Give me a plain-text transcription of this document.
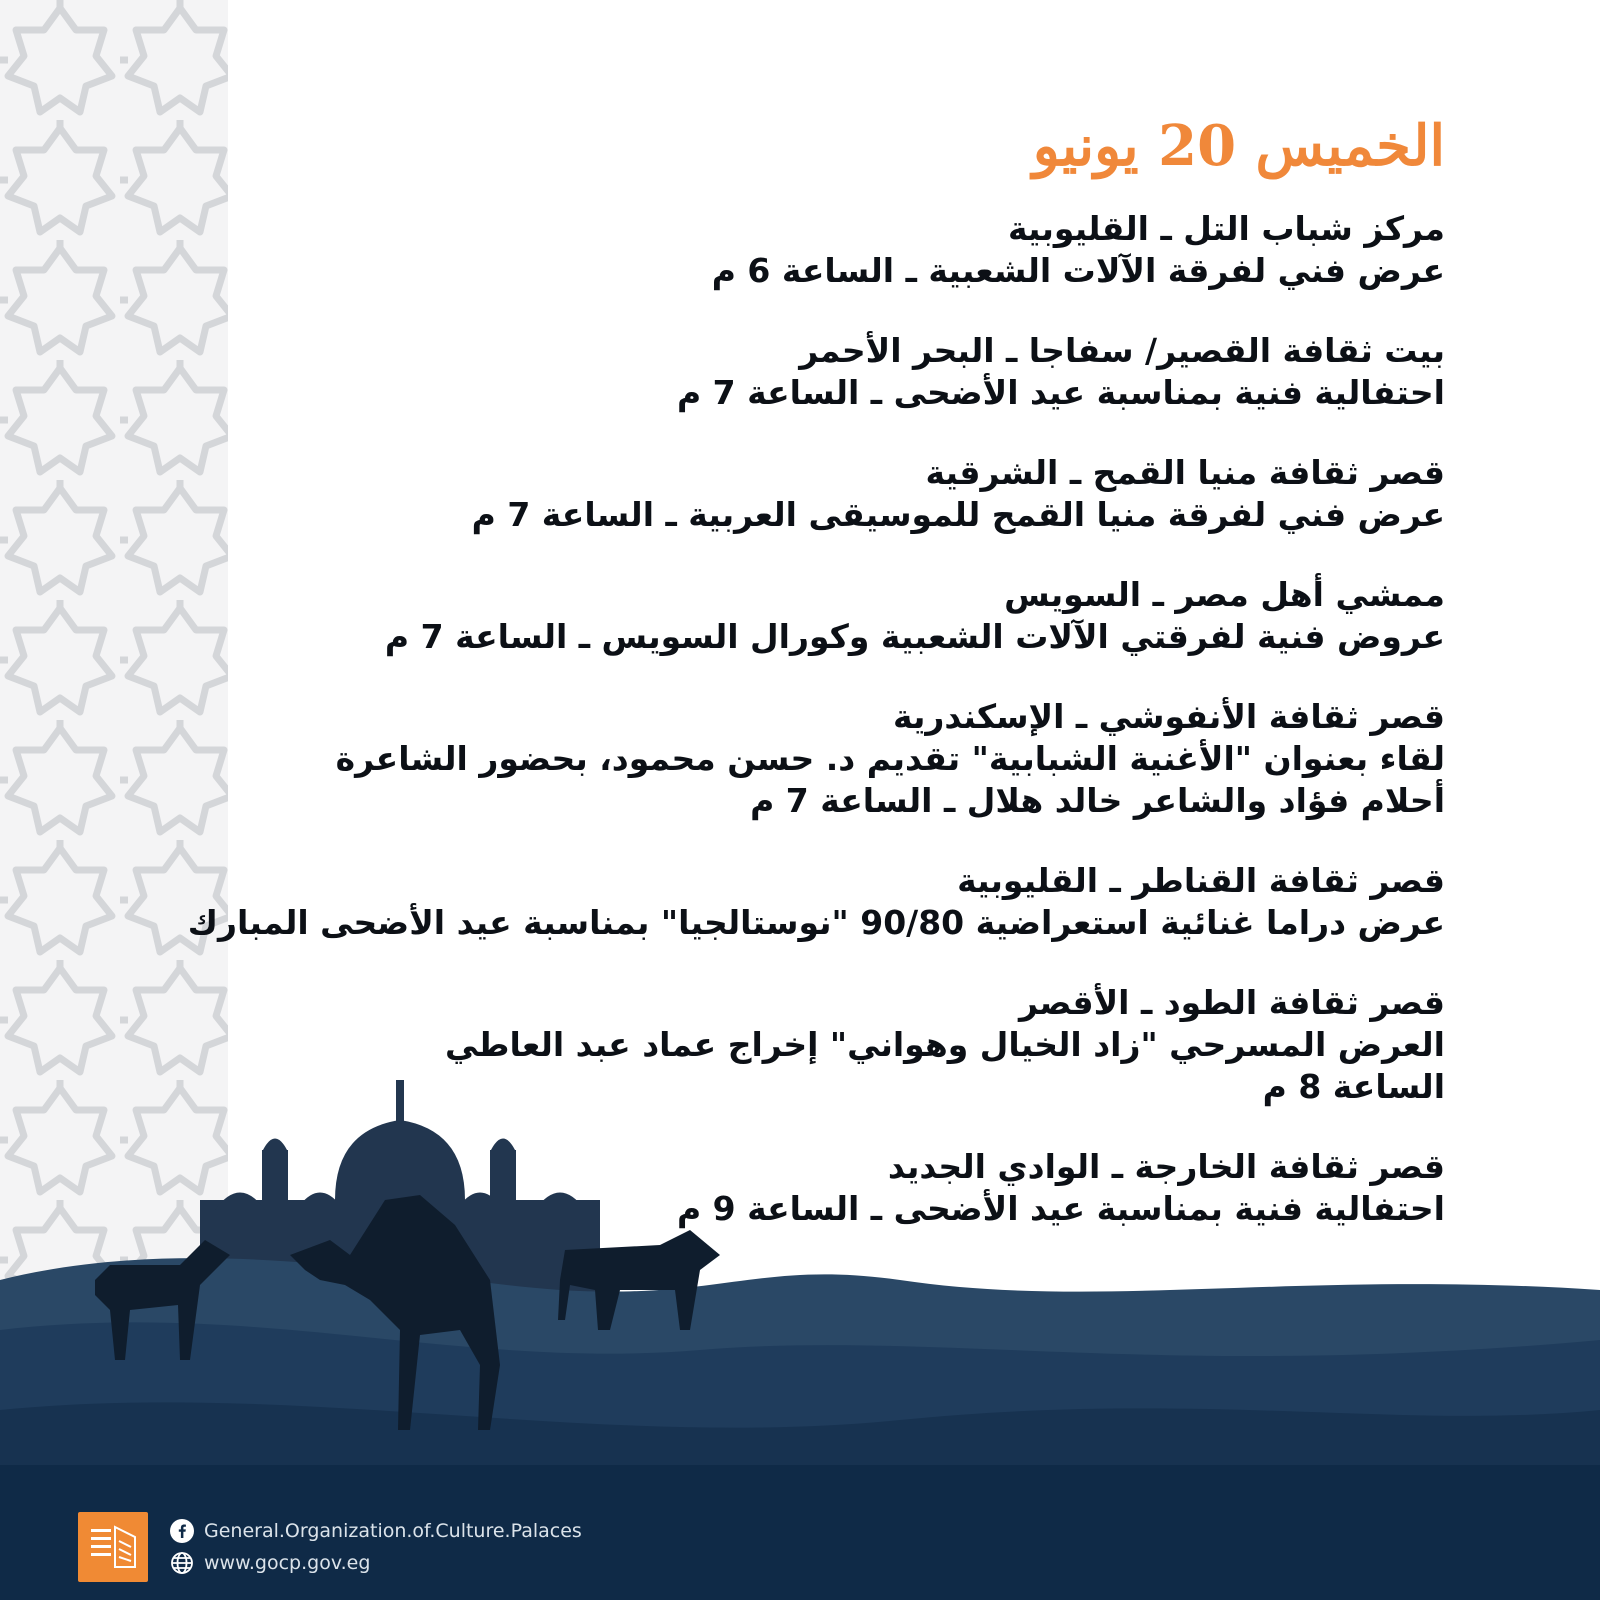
الخميس 20 يونيو
مركز شباب التل ـ القليوبية
عرض فني لفرقة الآلات الشعبية ـ الساعة 6 م
بيت ثقافة القصير/ سفاجا ـ البحر الأحمر
احتفالية فنية بمناسبة عيد الأضحى ـ الساعة 7 م
قصر ثقافة منيا القمح ـ الشرقية
عرض فني لفرقة منيا القمح للموسيقى العربية ـ الساعة 7 م
ممشي أهل مصر ـ السويس
عروض فنية لفرقتي الآلات الشعبية وكورال السويس ـ الساعة 7 م
قصر ثقافة الأنفوشي ـ الإسكندرية
لقاء بعنوان "الأغنية الشبابية" تقديم د. حسن محمود، بحضور الشاعرة أحلام فؤاد والشاعر خالد هلال ـ الساعة 7 م
قصر ثقافة القناطر ـ القليوبية
عرض دراما غنائية استعراضية 90/80 "نوستالجيا" بمناسبة عيد الأضحى المبارك
قصر ثقافة الطود ـ الأقصر
العرض المسرحي "زاد الخيال وهواني" إخراج عماد عبد العاطي
الساعة 8 م
قصر ثقافة الخارجة ـ الوادي الجديد
احتفالية فنية بمناسبة عيد الأضحى ـ الساعة 9 م
General.Organization.of.Culture.Palaces
www.gocp.gov.eg
